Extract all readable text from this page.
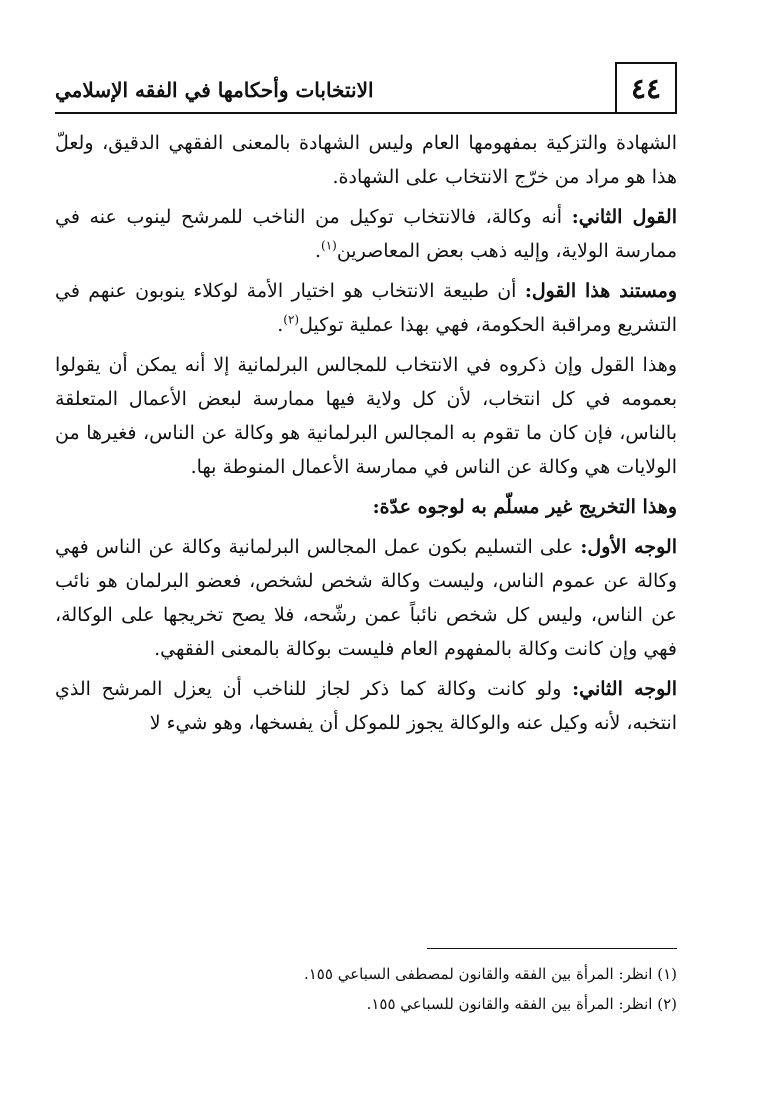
الانتخابات وأحكامها في الفقه الإسلامي	٤٤

الشهادة والتزكية بمفهومها العام وليس الشهادة بالمعنى الفقهي الدقيق، ولعلّ هذا هو مراد من خرّج الانتخاب على الشهادة.

القول الثاني: أنه وكالة، فالانتخاب توكيل من الناخب للمرشح لينوب عنه في ممارسة الولاية، وإليه ذهب بعض المعاصرين$^{(١)}$.

ومستند هذا القول: أن طبيعة الانتخاب هو اختيار الأمة لوكلاء ينوبون عنهم في التشريع ومراقبة الحكومة، فهي بهذا عملية توكيل$^{(٢)}$.

وهذا القول وإن ذكروه في الانتخاب للمجالس البرلمانية إلا أنه يمكن أن يقولوا بعمومه في كل انتخاب، لأن كل ولاية فيها ممارسة لبعض الأعمال المتعلقة بالناس، فإن كان ما تقوم به المجالس البرلمانية هو وكالة عن الناس، فغيرها من الولايات هي وكالة عن الناس في ممارسة الأعمال المنوطة بها.

وهذا التخريج غير مسلّم به لوجوه عدّة:

الوجه الأول: على التسليم بكون عمل المجالس البرلمانية وكالة عن الناس فهي وكالة عن عموم الناس، وليست وكالة شخص لشخص، فعضو البرلمان هو نائب عن الناس، وليس كل شخص نائباً عمن رشّحه، فلا يصح تخريجها على الوكالة، فهي وإن كانت وكالة بالمفهوم العام فليست بوكالة بالمعنى الفقهي.

الوجه الثاني: ولو كانت وكالة كما ذكر لجاز للناخب أن يعزل المرشح الذي انتخبه، لأنه وكيل عنه والوكالة يجوز للموكل أن يفسخها، وهو شيء لا

(١) انظر: المرأة بين الفقه والقانون لمصطفى السباعي ١٥٥.

(٢) انظر: المرأة بين الفقه والقانون للسباعي ١٥٥.
